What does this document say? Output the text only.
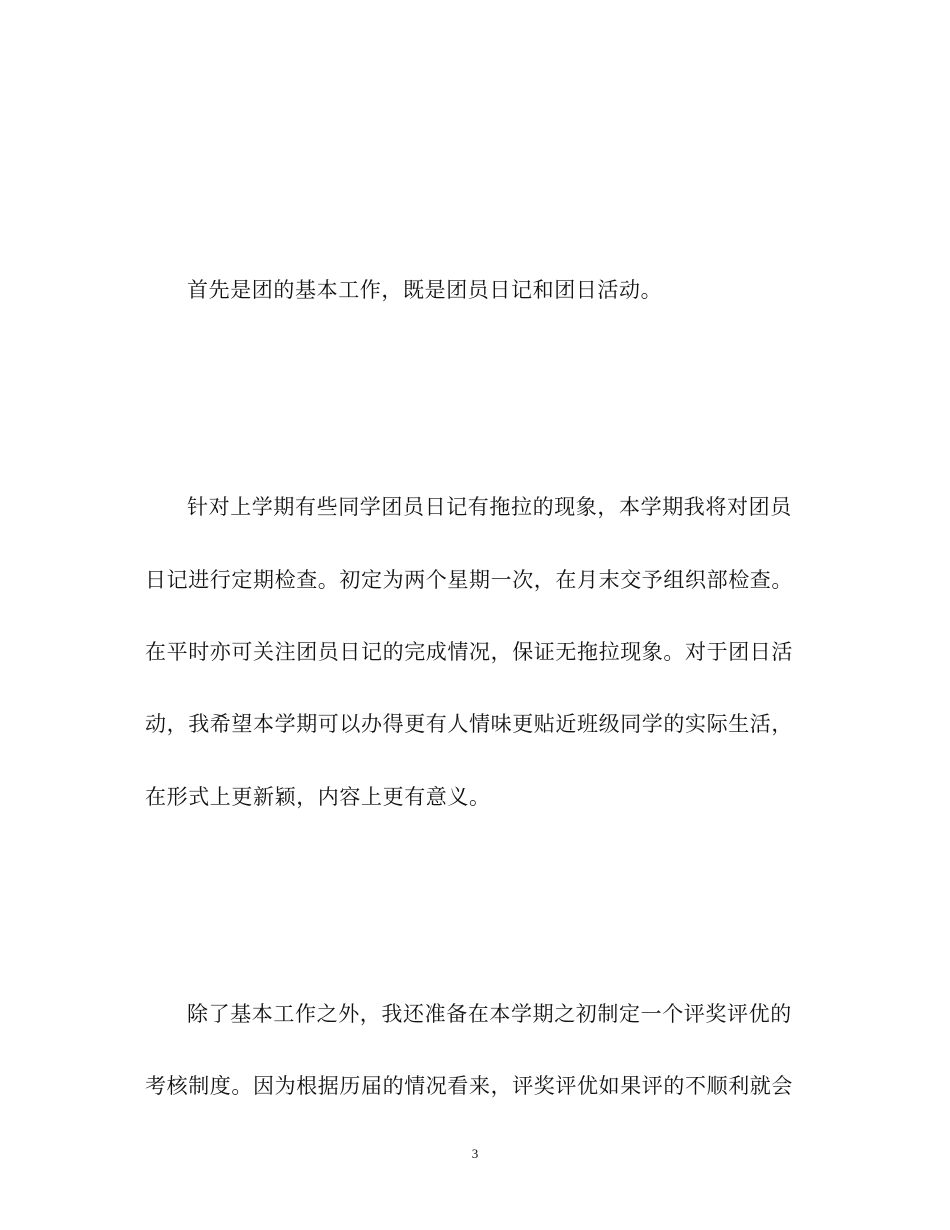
首先是团的基本工作，既是团员日记和团日活动。
针对上学期有些同学团员日记有拖拉的现象，本学期我将对团员
日记进行定期检查。初定为两个星期一次，在月末交予组织部检查。
在平时亦可关注团员日记的完成情况，保证无拖拉现象。对于团日活
动，我希望本学期可以办得更有人情味更贴近班级同学的实际生活，
在形式上更新颖，内容上更有意义。
除了基本工作之外，我还准备在本学期之初制定一个评奖评优的
考核制度。因为根据历届的情况看来，评奖评优如果评的不顺利就会
3
